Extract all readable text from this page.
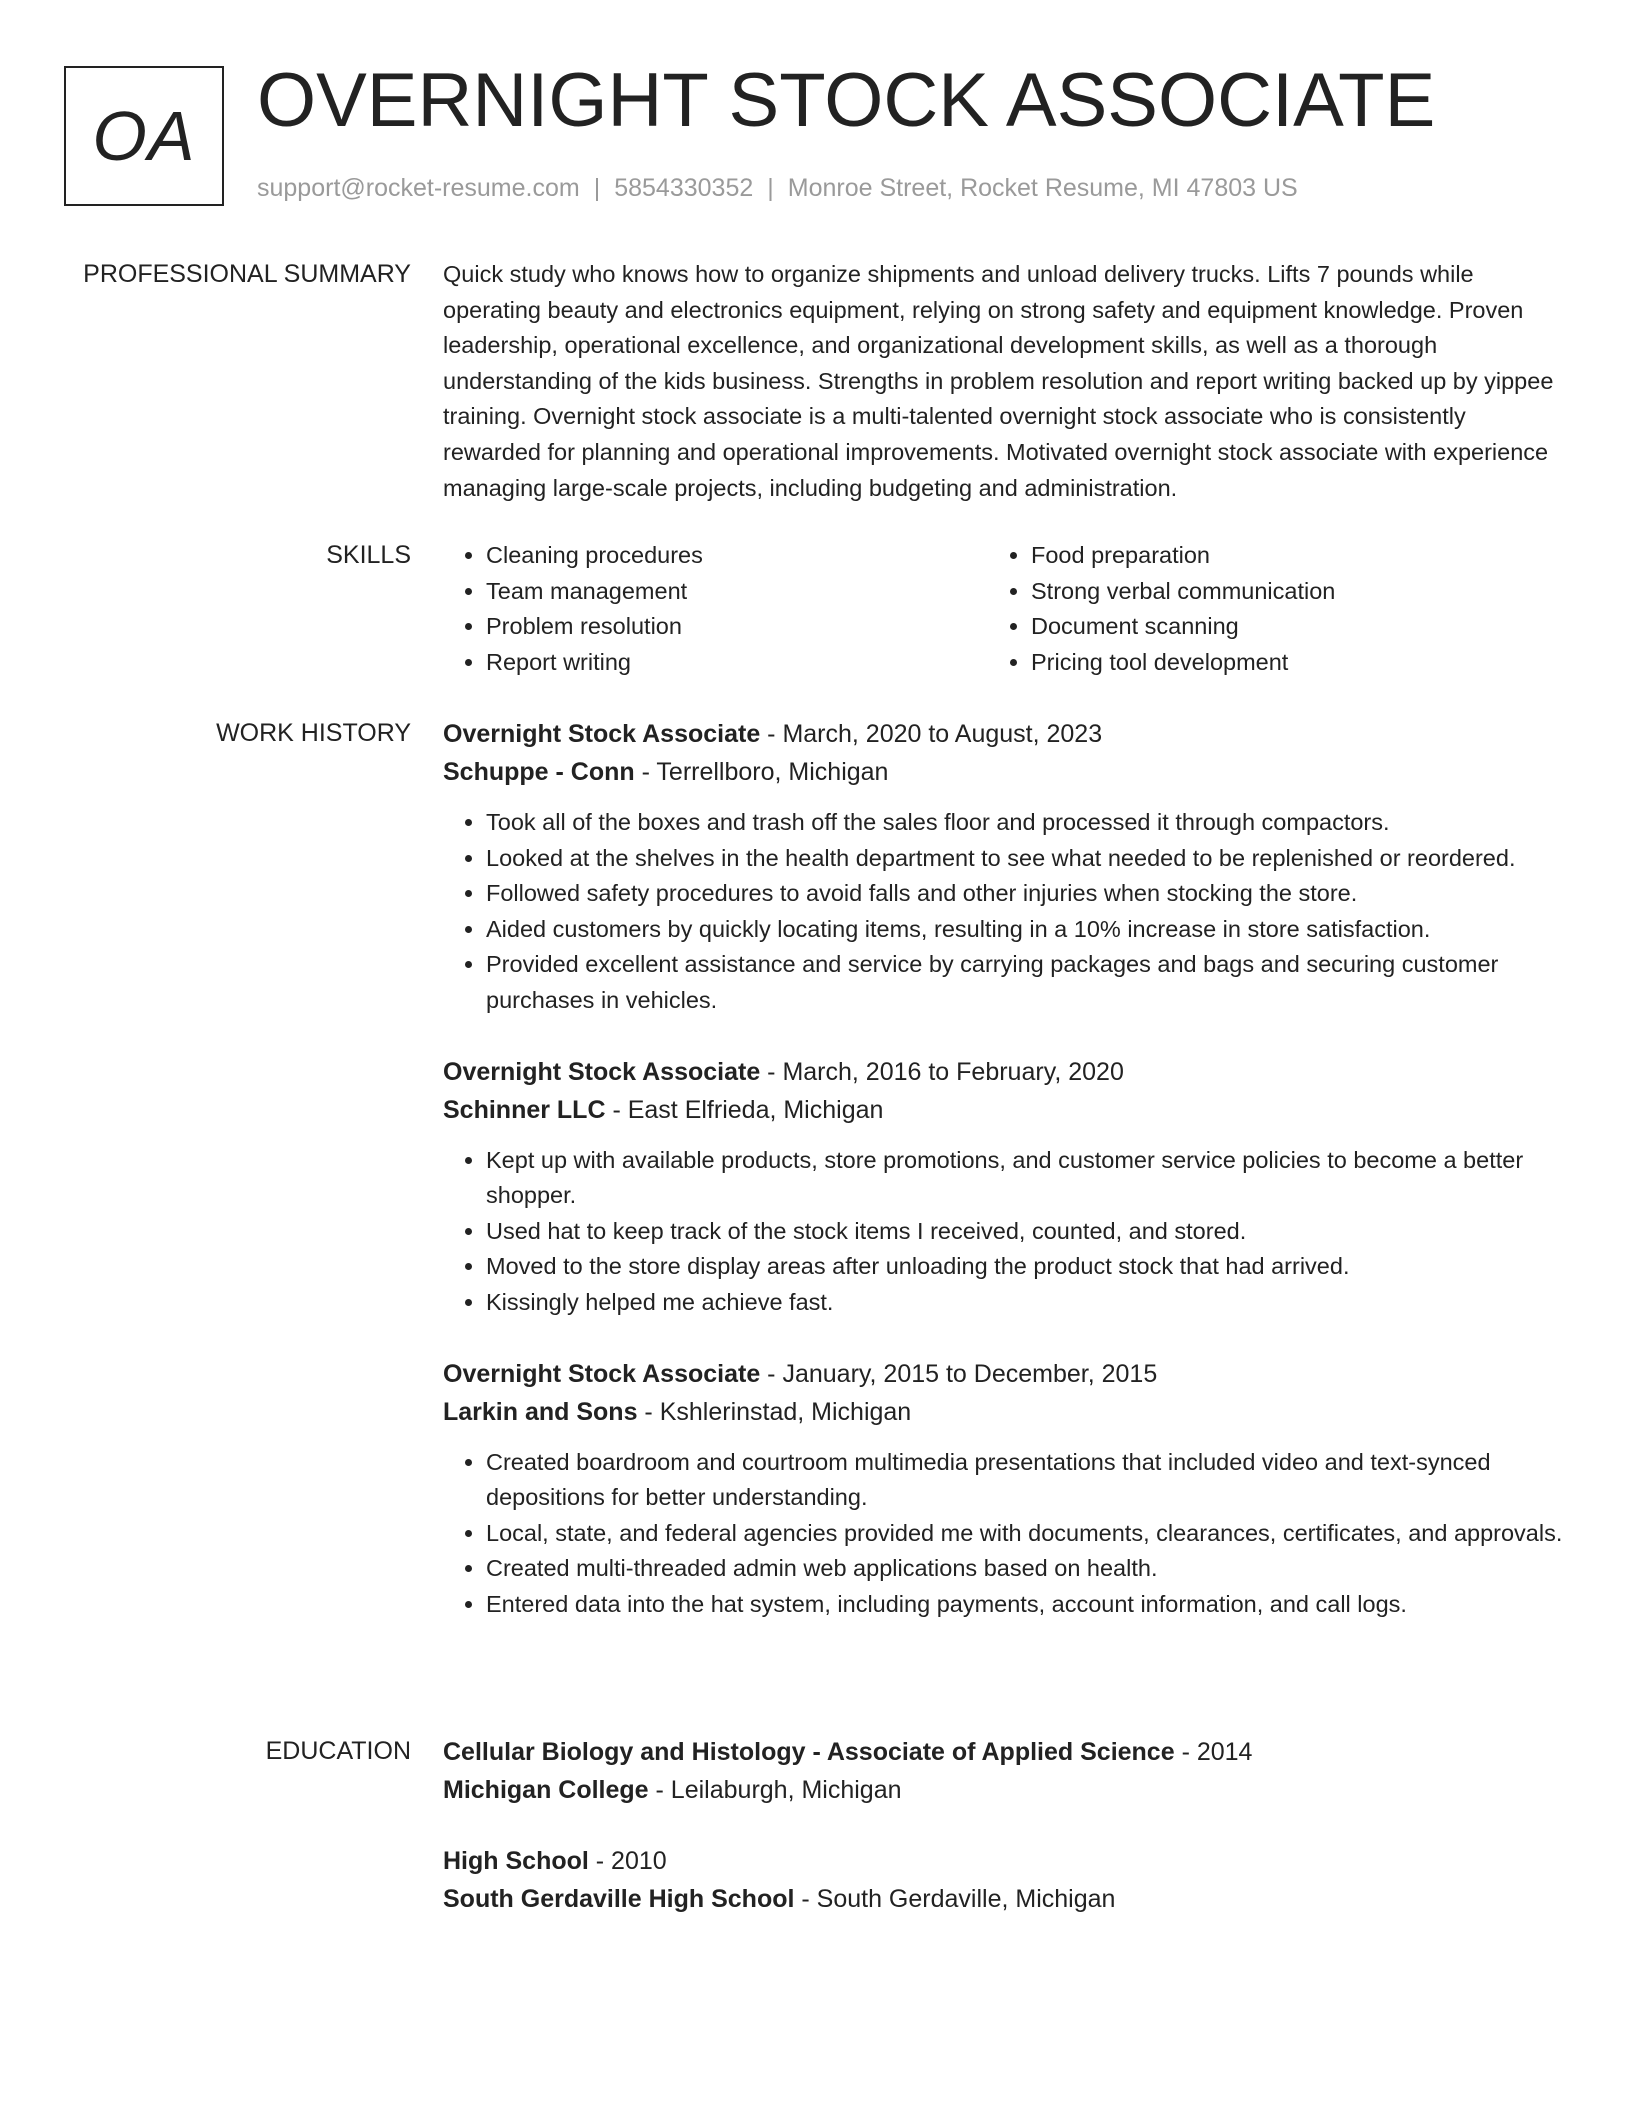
OA OVERNIGHT STOCK ASSOCIATE
support@rocket-resume.com | 5854330352 | Monroe Street, Rocket Resume, MI 47803 US
PROFESSIONAL SUMMARY Quick study who knows how to organize shipments and unload delivery trucks. Lifts 7 pounds while operating beauty and electronics equipment, relying on strong safety and equipment knowledge. Proven leadership, operational excellence, and organizational development skills, as well as a thorough understanding of the kids business. Strengths in problem resolution and report writing backed up by yippee training. Overnight stock associate is a multi-talented overnight stock associate who is consistently rewarded for planning and operational improvements. Motivated overnight stock associate with experience managing large-scale projects, including budgeting and administration.

SKILLS
•	Cleaning procedures
• Team management
• Problem resolution
• Report writing
• Food preparation
• Strong verbal communication
• Document scanning
• Pricing tool development
WORK HISTORY Overnight Stock Associate - March, 2020 to August, 2023
Schuppe - Conn - Terrellboro, Michigan
• Took all of the boxes and trash off the sales floor and processed it through compactors.
• Looked at the shelves in the health department to see what needed to be replenished or reordered.
• Followed safety procedures to avoid falls and other injuries when stocking the store.
• Aided customers by quickly locating items, resulting in a 10% increase in store satisfaction.
• Provided excellent assistance and service by carrying packages and bags and securing customer purchases in vehicles.
Overnight Stock Associate - March, 2016 to February, 2020
Schinner LLC - East Elfrieda, Michigan
• Kept up with available products, store promotions, and customer service policies to become a better shopper.
• Used hat to keep track of the stock items I received, counted, and stored.
• Moved to the store display areas after unloading the product stock that had arrived.
• Kissingly helped me achieve fast.
Overnight Stock Associate - January, 2015 to December, 2015
Larkin and Sons - Kshlerinstad, Michigan
• Created boardroom and courtroom multimedia presentations that included video and text-synced depositions for better understanding.
• Local, state, and federal agencies provided me with documents, clearances, certificates, and approvals.
• Created multi-threaded admin web applications based on health.
• Entered data into the hat system, including payments, account information, and call logs.
EDUCATION Cellular Biology and Histology - Associate of Applied Science - 2014
Michigan College - Leilaburgh, Michigan
High School - 2010
South Gerdaville High School - South Gerdaville, Michigan
